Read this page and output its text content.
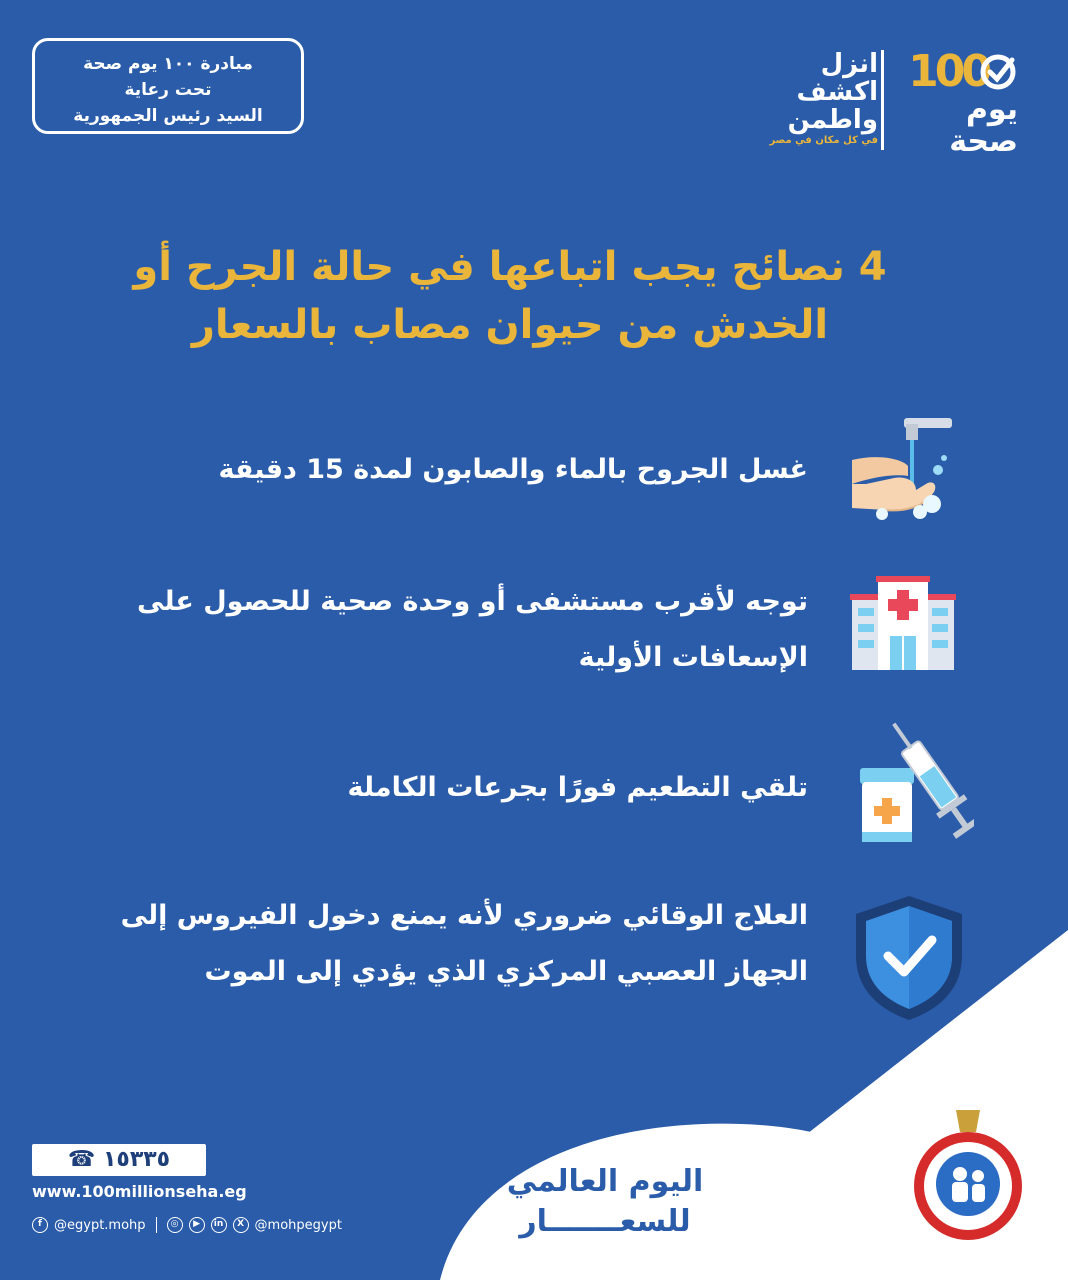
مبادرة ١٠٠ يوم صحة
تحت رعاية
السيد رئيس الجمهورية
انزل
اكشف
واطمن
في كل مكان في مصر
100
يوم
صحة
4 نصائح يجب اتباعها في حالة الجرح أو الخدش من حيوان مصاب بالسعار
غسل الجروح بالماء والصابون لمدة 15 دقيقة
توجه لأقرب مستشفى أو وحدة صحية للحصول على الإسعافات الأولية
تلقي التطعيم فورًا بجرعات الكاملة
العلاج الوقائي ضروري لأنه يمنع دخول الفيروس إلى الجهاز العصبي المركزي الذي يؤدي إلى الموت
☎ ١٥٣٣٥
www.100millionseha.eg
f @egypt.mohp	◎	▶	in	X @mohpegypt
اليوم العالمي
للسعـــــــار
